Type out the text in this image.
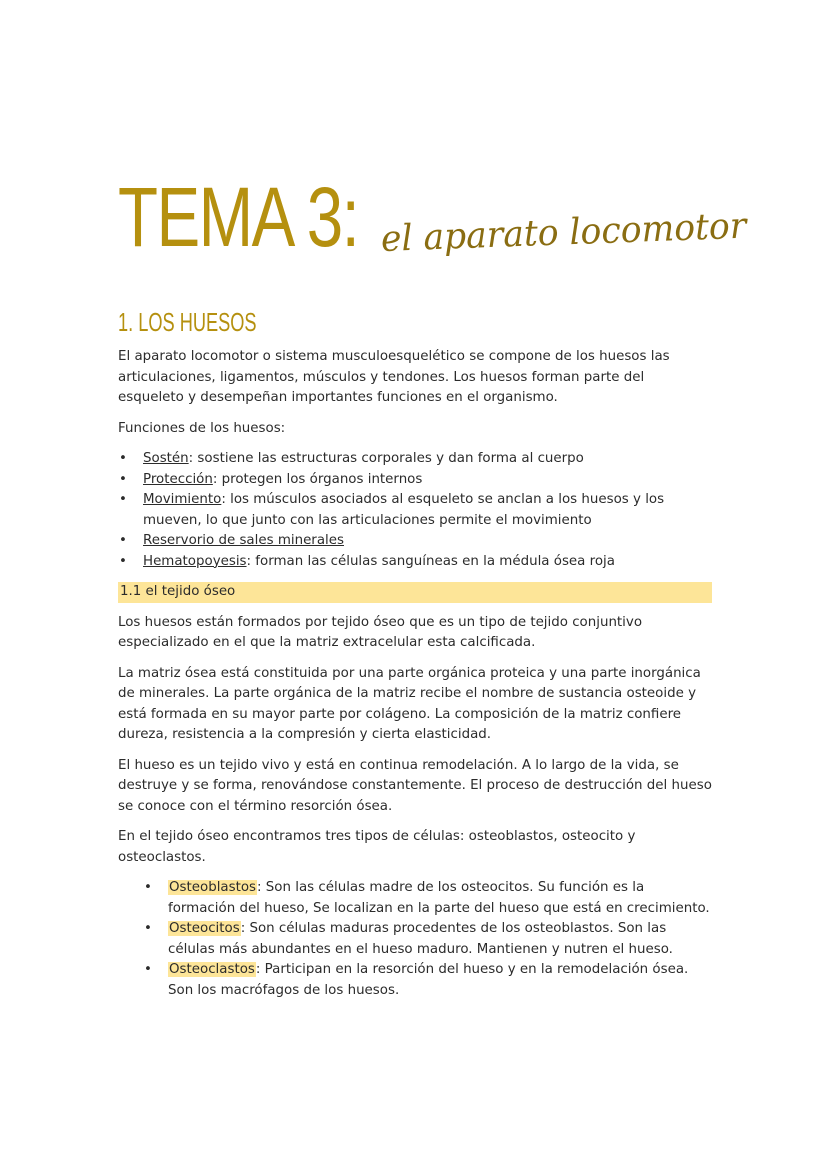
TEMA 3: el aparato locomotor
1. LOS HUESOS

El aparato locomotor o sistema musculoesquelético se compone de los huesos las articulaciones, ligamentos, músculos y tendones. Los huesos forman parte del esqueleto y desempeñan importantes funciones en el organismo.

Funciones de los huesos:

• Sostén: sostiene las estructuras corporales y dan forma al cuerpo
• Protección: protegen los órganos internos
• Movimiento: los músculos asociados al esqueleto se anclan a los huesos y los mueven, lo que junto con las articulaciones permite el movimiento
• Reservorio de sales minerales
• Hematopoyesis: forman las células sanguíneas en la médula ósea roja
1.1 el tejido óseo

Los huesos están formados por tejido óseo que es un tipo de tejido conjuntivo especializado en el que la matriz extracelular esta calcificada.

La matriz ósea está constituida por una parte orgánica proteica y una parte inorgánica de minerales. La parte orgánica de la matriz recibe el nombre de sustancia osteoide y está formada en su mayor parte por colágeno. La composición de la matriz confiere dureza, resistencia a la compresión y cierta elasticidad.

El hueso es un tejido vivo y está en continua remodelación. A lo largo de la vida, se destruye y se forma, renovándose constantemente. El proceso de destrucción del hueso se conoce con el término resorción ósea.

En el tejido óseo encontramos tres tipos de células: osteoblastos, osteocito y osteoclastos.

• Osteoblastos: Son las células madre de los osteocitos. Su función es la formación del hueso, Se localizan en la parte del hueso que está en crecimiento.
• Osteocitos: Son células maduras procedentes de los osteoblastos. Son las células más abundantes en el hueso maduro. Mantienen y nutren el hueso.
• Osteoclastos: Participan en la resorción del hueso y en la remodelación ósea. Son los macrófagos de los huesos.
